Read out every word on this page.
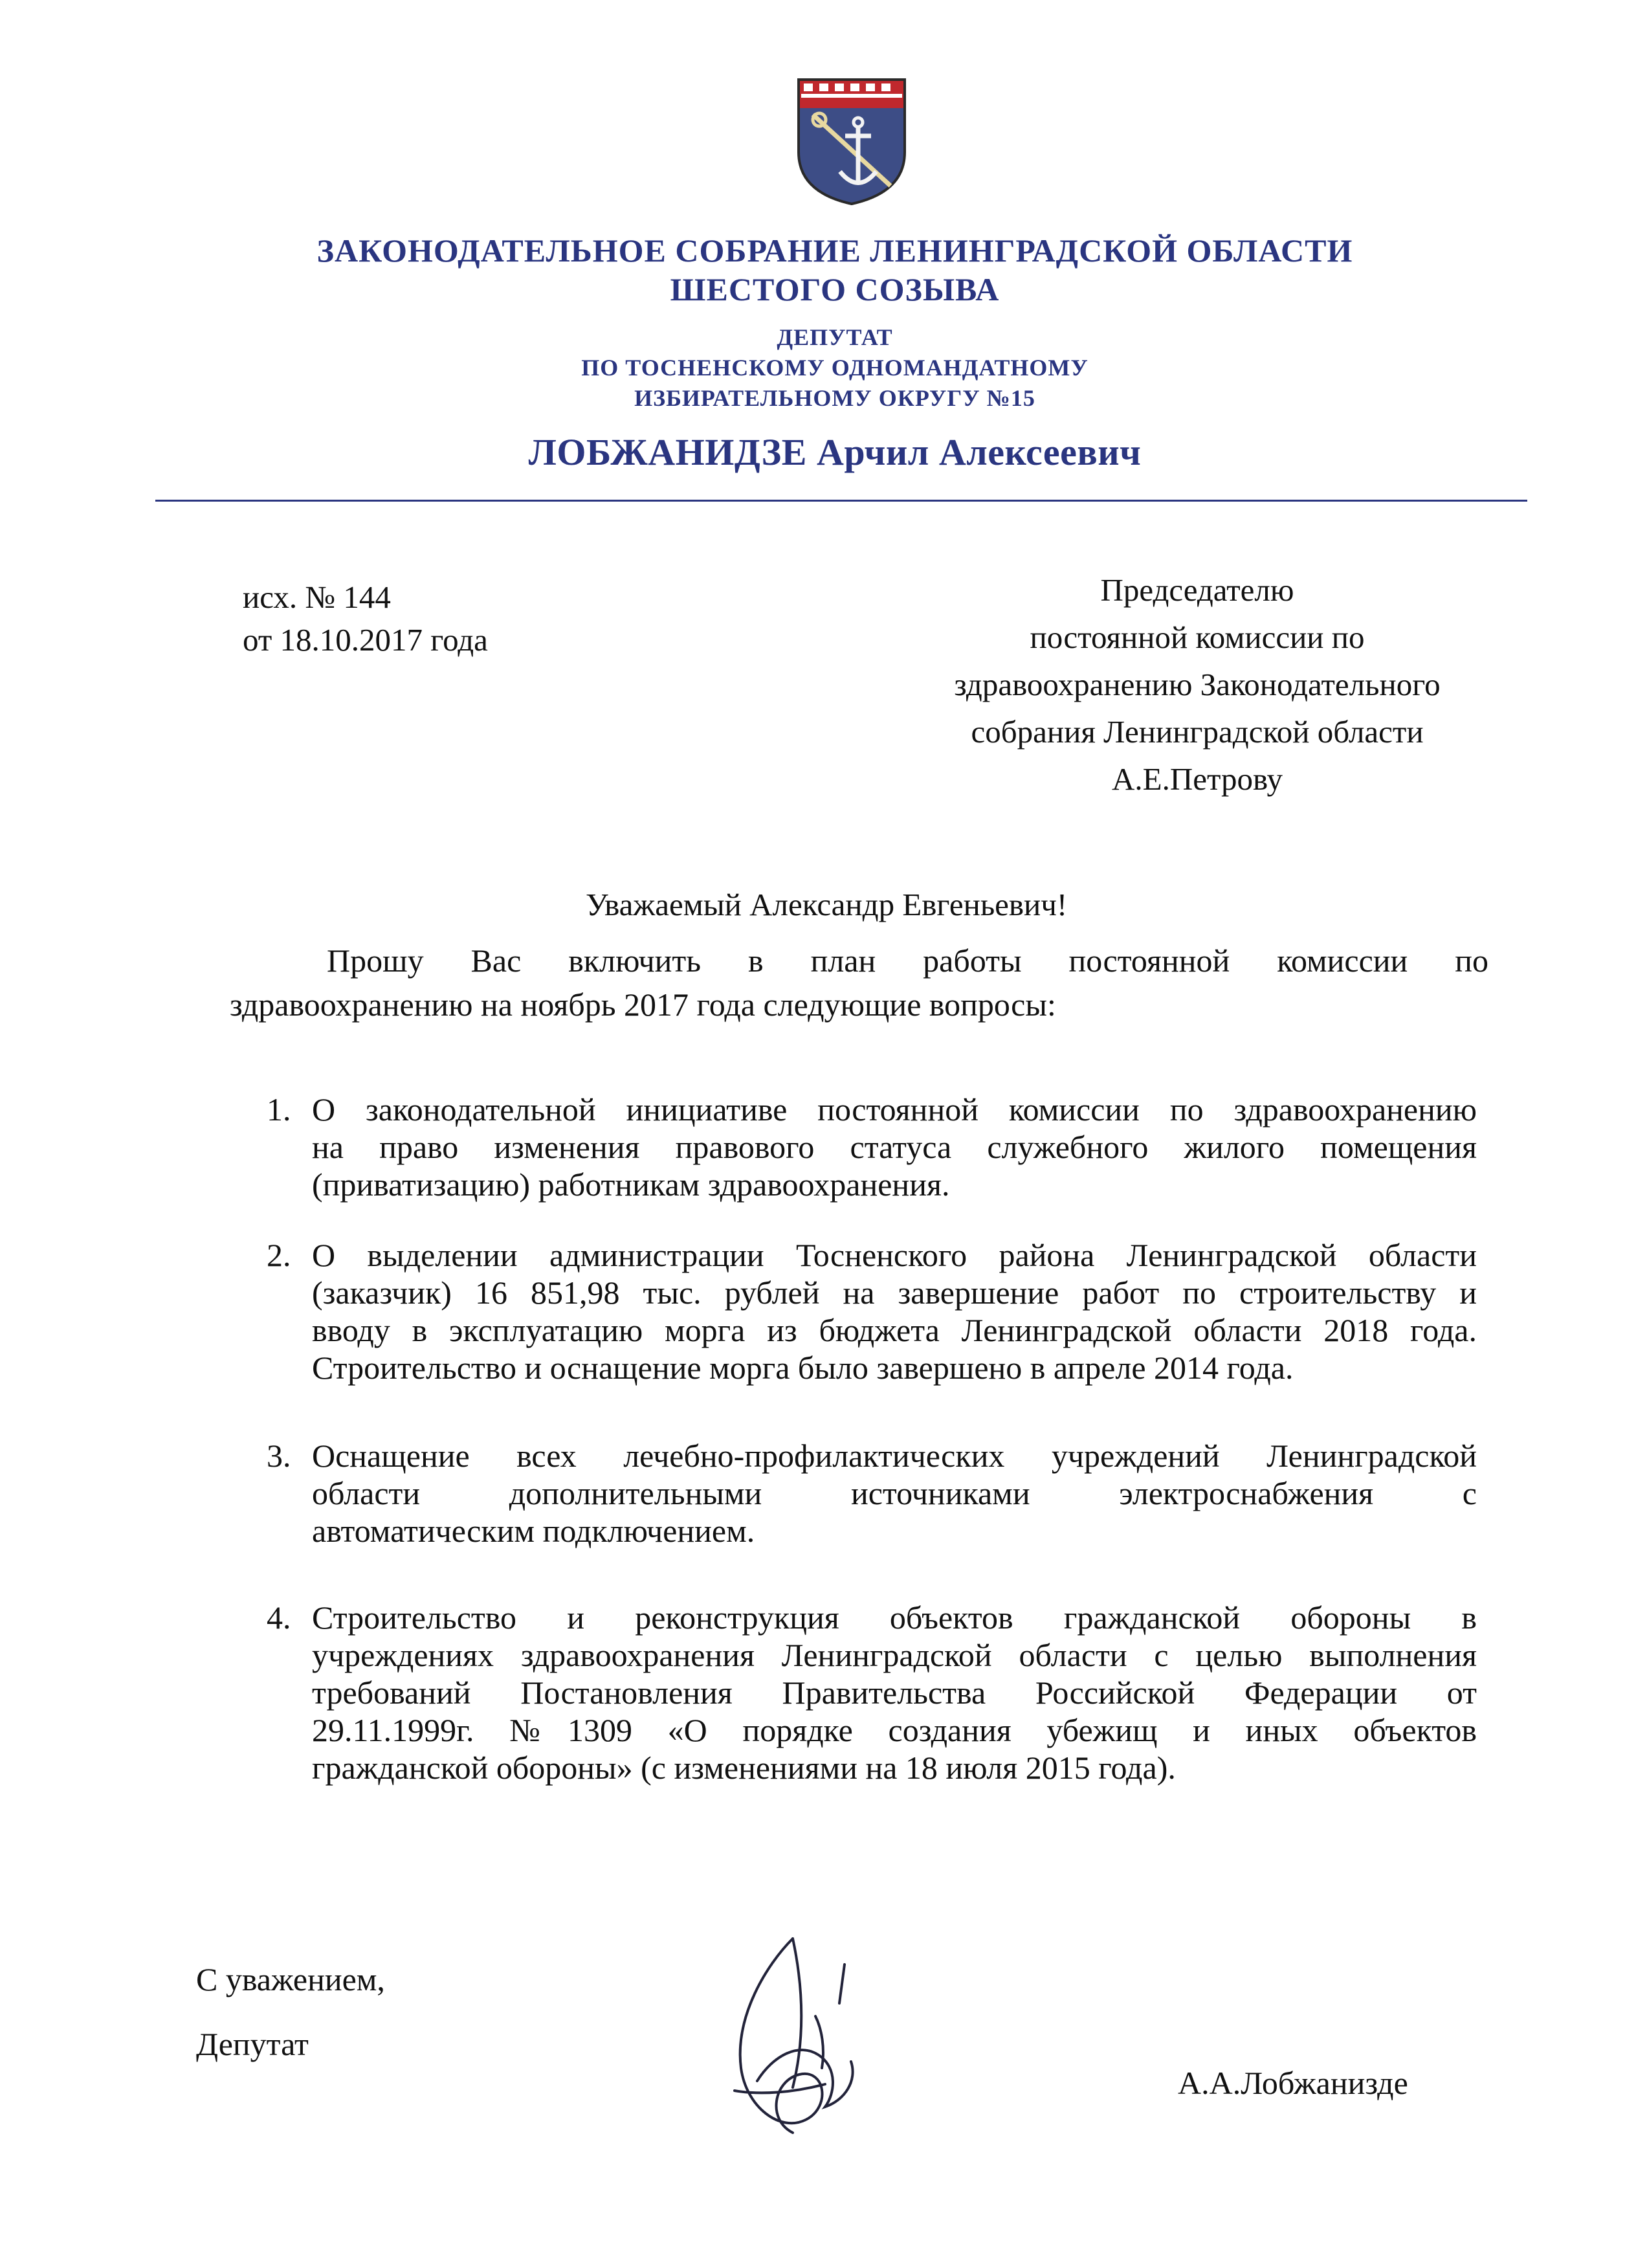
ЗАКОНОДАТЕЛЬНОЕ СОБРАНИЕ ЛЕНИНГРАДСКОЙ ОБЛАСТИ
ШЕСТОГО СОЗЫВА
ДЕПУТАТ
ПО ТОСНЕНСКОМУ ОДНОМАНДАТНОМУ
ИЗБИРАТЕЛЬНОМУ ОКРУГУ №15
ЛОБЖАНИДЗЕ Арчил Алексеевич
исх. № 144
от 18.10.2017 года
Председателю
постоянной комиссии по
здравоохранению Законодательного
собрания Ленинградской области
А.Е.Петрову
Уважаемый Александр Евгеньевич!
Прошу Вас включить в план работы постоянной комиссии по
здравоохранению на ноябрь 2017 года следующие вопросы:
1. О законодательной инициативе постоянной комиссии по здравоохранению
на право изменения правового статуса служебного жилого помещения
(приватизацию) работникам здравоохранения.
2. О выделении администрации Тосненского района Ленинградской области
(заказчик) 16 851,98 тыс. рублей на завершение работ по строительству и
вводу в эксплуатацию морга из бюджета Ленинградской области 2018 года.
Строительство и оснащение морга было завершено в апреле 2014 года.
3. Оснащение всех лечебно-профилактических учреждений Ленинградской
области дополнительными источниками электроснабжения с
автоматическим подключением.
4. Строительство и реконструкция объектов гражданской обороны в
учреждениях здравоохранения Ленинградской области с целью выполнения
требований Постановления Правительства Российской Федерации от
29.11.1999г. №1309 «О порядке создания убежищ и иных объектов
гражданской обороны» (с изменениями на 18 июля 2015 года).
С уважением,
Депутат
А.А.Лобжанизде
